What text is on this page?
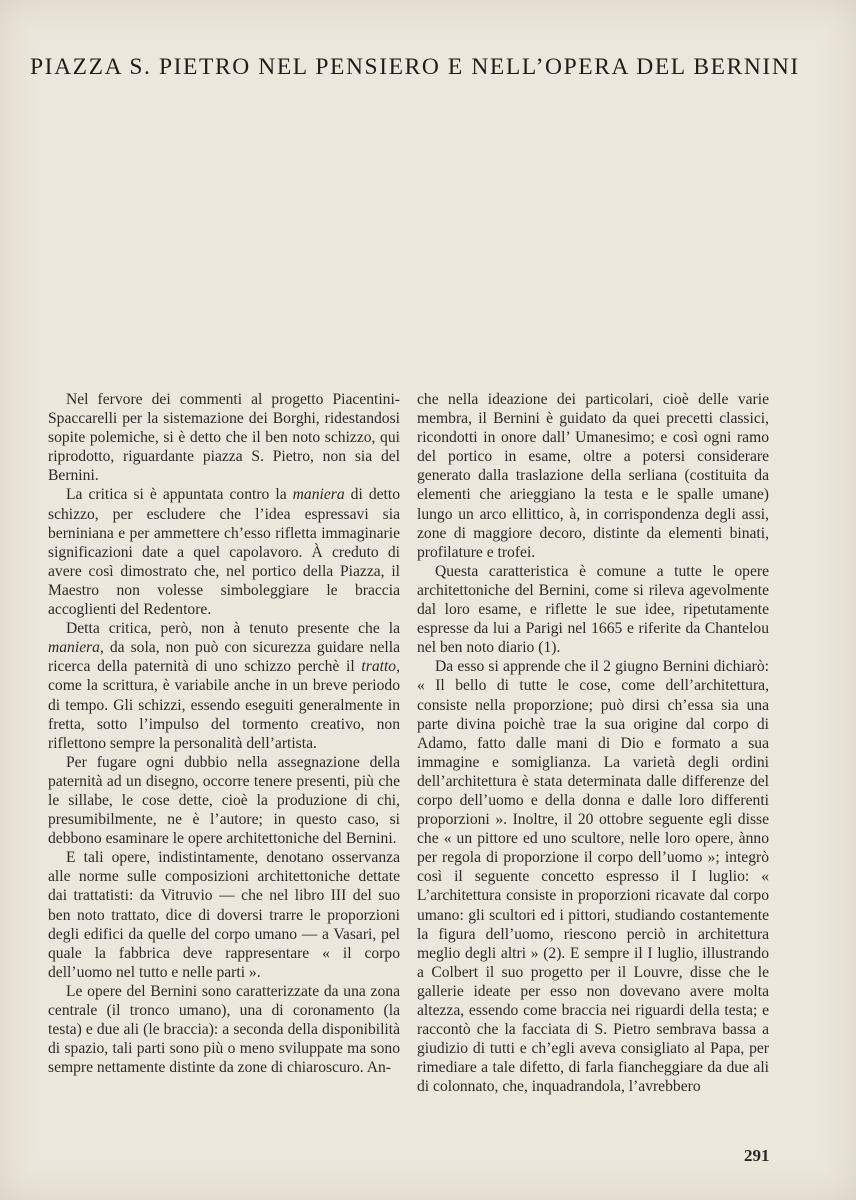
PIAZZA S. PIETRO NEL PENSIERO E NELL’OPERA DEL BERNINI

Nel fervore dei commenti al progetto Piacentini-Spaccarelli per la sistemazione dei Borghi, ridestandosi sopite polemiche, si è detto che il ben noto schizzo, qui riprodotto, riguardante piazza S. Pietro, non sia del Bernini.

La critica si è appuntata contro la maniera di detto schizzo, per escludere che l’idea espressavi sia berniniana e per ammettere ch’esso rifletta immaginarie significazioni date a quel capolavoro. À creduto di avere così dimostrato che, nel portico della Piazza, il Maestro non volesse simboleggiare le braccia accoglienti del Redentore.

Detta critica, però, non à tenuto presente che la maniera, da sola, non può con sicurezza guidare nella ricerca della paternità di uno schizzo perchè il tratto, come la scrittura, è variabile anche in un breve periodo di tempo. Gli schizzi, essendo eseguiti generalmente in fretta, sotto l’impulso del tormento creativo, non riflettono sempre la personalità dell’artista.

Per fugare ogni dubbio nella assegnazione della paternità ad un disegno, occorre tenere presenti, più che le sillabe, le cose dette, cioè la produzione di chi, presumibilmente, ne è l’autore; in questo caso, si debbono esaminare le opere architettoniche del Bernini.

E tali opere, indistintamente, denotano osservanza alle norme sulle composizioni architettoniche dettate dai trattatisti: da Vitruvio — che nel libro III del suo ben noto trattato, dice di doversi trarre le proporzioni degli edifici da quelle del corpo umano — a Vasari, pel quale la fabbrica deve rappresentare « il corpo dell’uomo nel tutto e nelle parti ».

Le opere del Bernini sono caratterizzate da una zona centrale (il tronco umano), una di coronamento (la testa) e due ali (le braccia): a seconda della disponibilità di spazio, tali parti sono più o meno sviluppate ma sono sempre nettamente distinte da zone di chiaroscuro. An-

che nella ideazione dei particolari, cioè delle varie membra, il Bernini è guidato da quei precetti classici, ricondotti in onore dall’ Umanesimo; e così ogni ramo del portico in esame, oltre a potersi considerare generato dalla traslazione della serliana (costituita da elementi che arieggiano la testa e le spalle umane) lungo un arco ellittico, à, in corrispondenza degli assi, zone di maggiore decoro, distinte da elementi binati, profilature e trofei.

Questa caratteristica è comune a tutte le opere architettoniche del Bernini, come si rileva agevolmente dal loro esame, e riflette le sue idee, ripetutamente espresse da lui a Parigi nel 1665 e riferite da Chantelou nel ben noto diario (1).

Da esso si apprende che il 2 giugno Bernini dichiarò: « Il bello di tutte le cose, come dell’architettura, consiste nella proporzione; può dirsi ch’essa sia una parte divina poichè trae la sua origine dal corpo di Adamo, fatto dalle mani di Dio e formato a sua immagine e somiglianza. La varietà degli ordini dell’architettura è stata determinata dalle differenze del corpo dell’uomo e della donna e dalle loro differenti proporzioni ». Inoltre, il 20 ottobre seguente egli disse che « un pittore ed uno scultore, nelle loro opere, ànno per regola di proporzione il corpo dell’uomo »; integrò così il seguente concetto espresso il I luglio: « L’architettura consiste in proporzioni ricavate dal corpo umano: gli scultori ed i pittori, studiando costantemente la figura dell’uomo, riescono perciò in architettura meglio degli altri » (2). E sempre il I luglio, illustrando a Colbert il suo progetto per il Louvre, disse che le gallerie ideate per esso non dovevano avere molta altezza, essendo come braccia nei riguardi della testa; e raccontò che la facciata di S. Pietro sembrava bassa a giudizio di tutti e ch’egli aveva consigliato al Papa, per rimediare a tale difetto, di farla fiancheggiare da due ali di colonnato, che, inquadrandola, l’avrebbero

291
